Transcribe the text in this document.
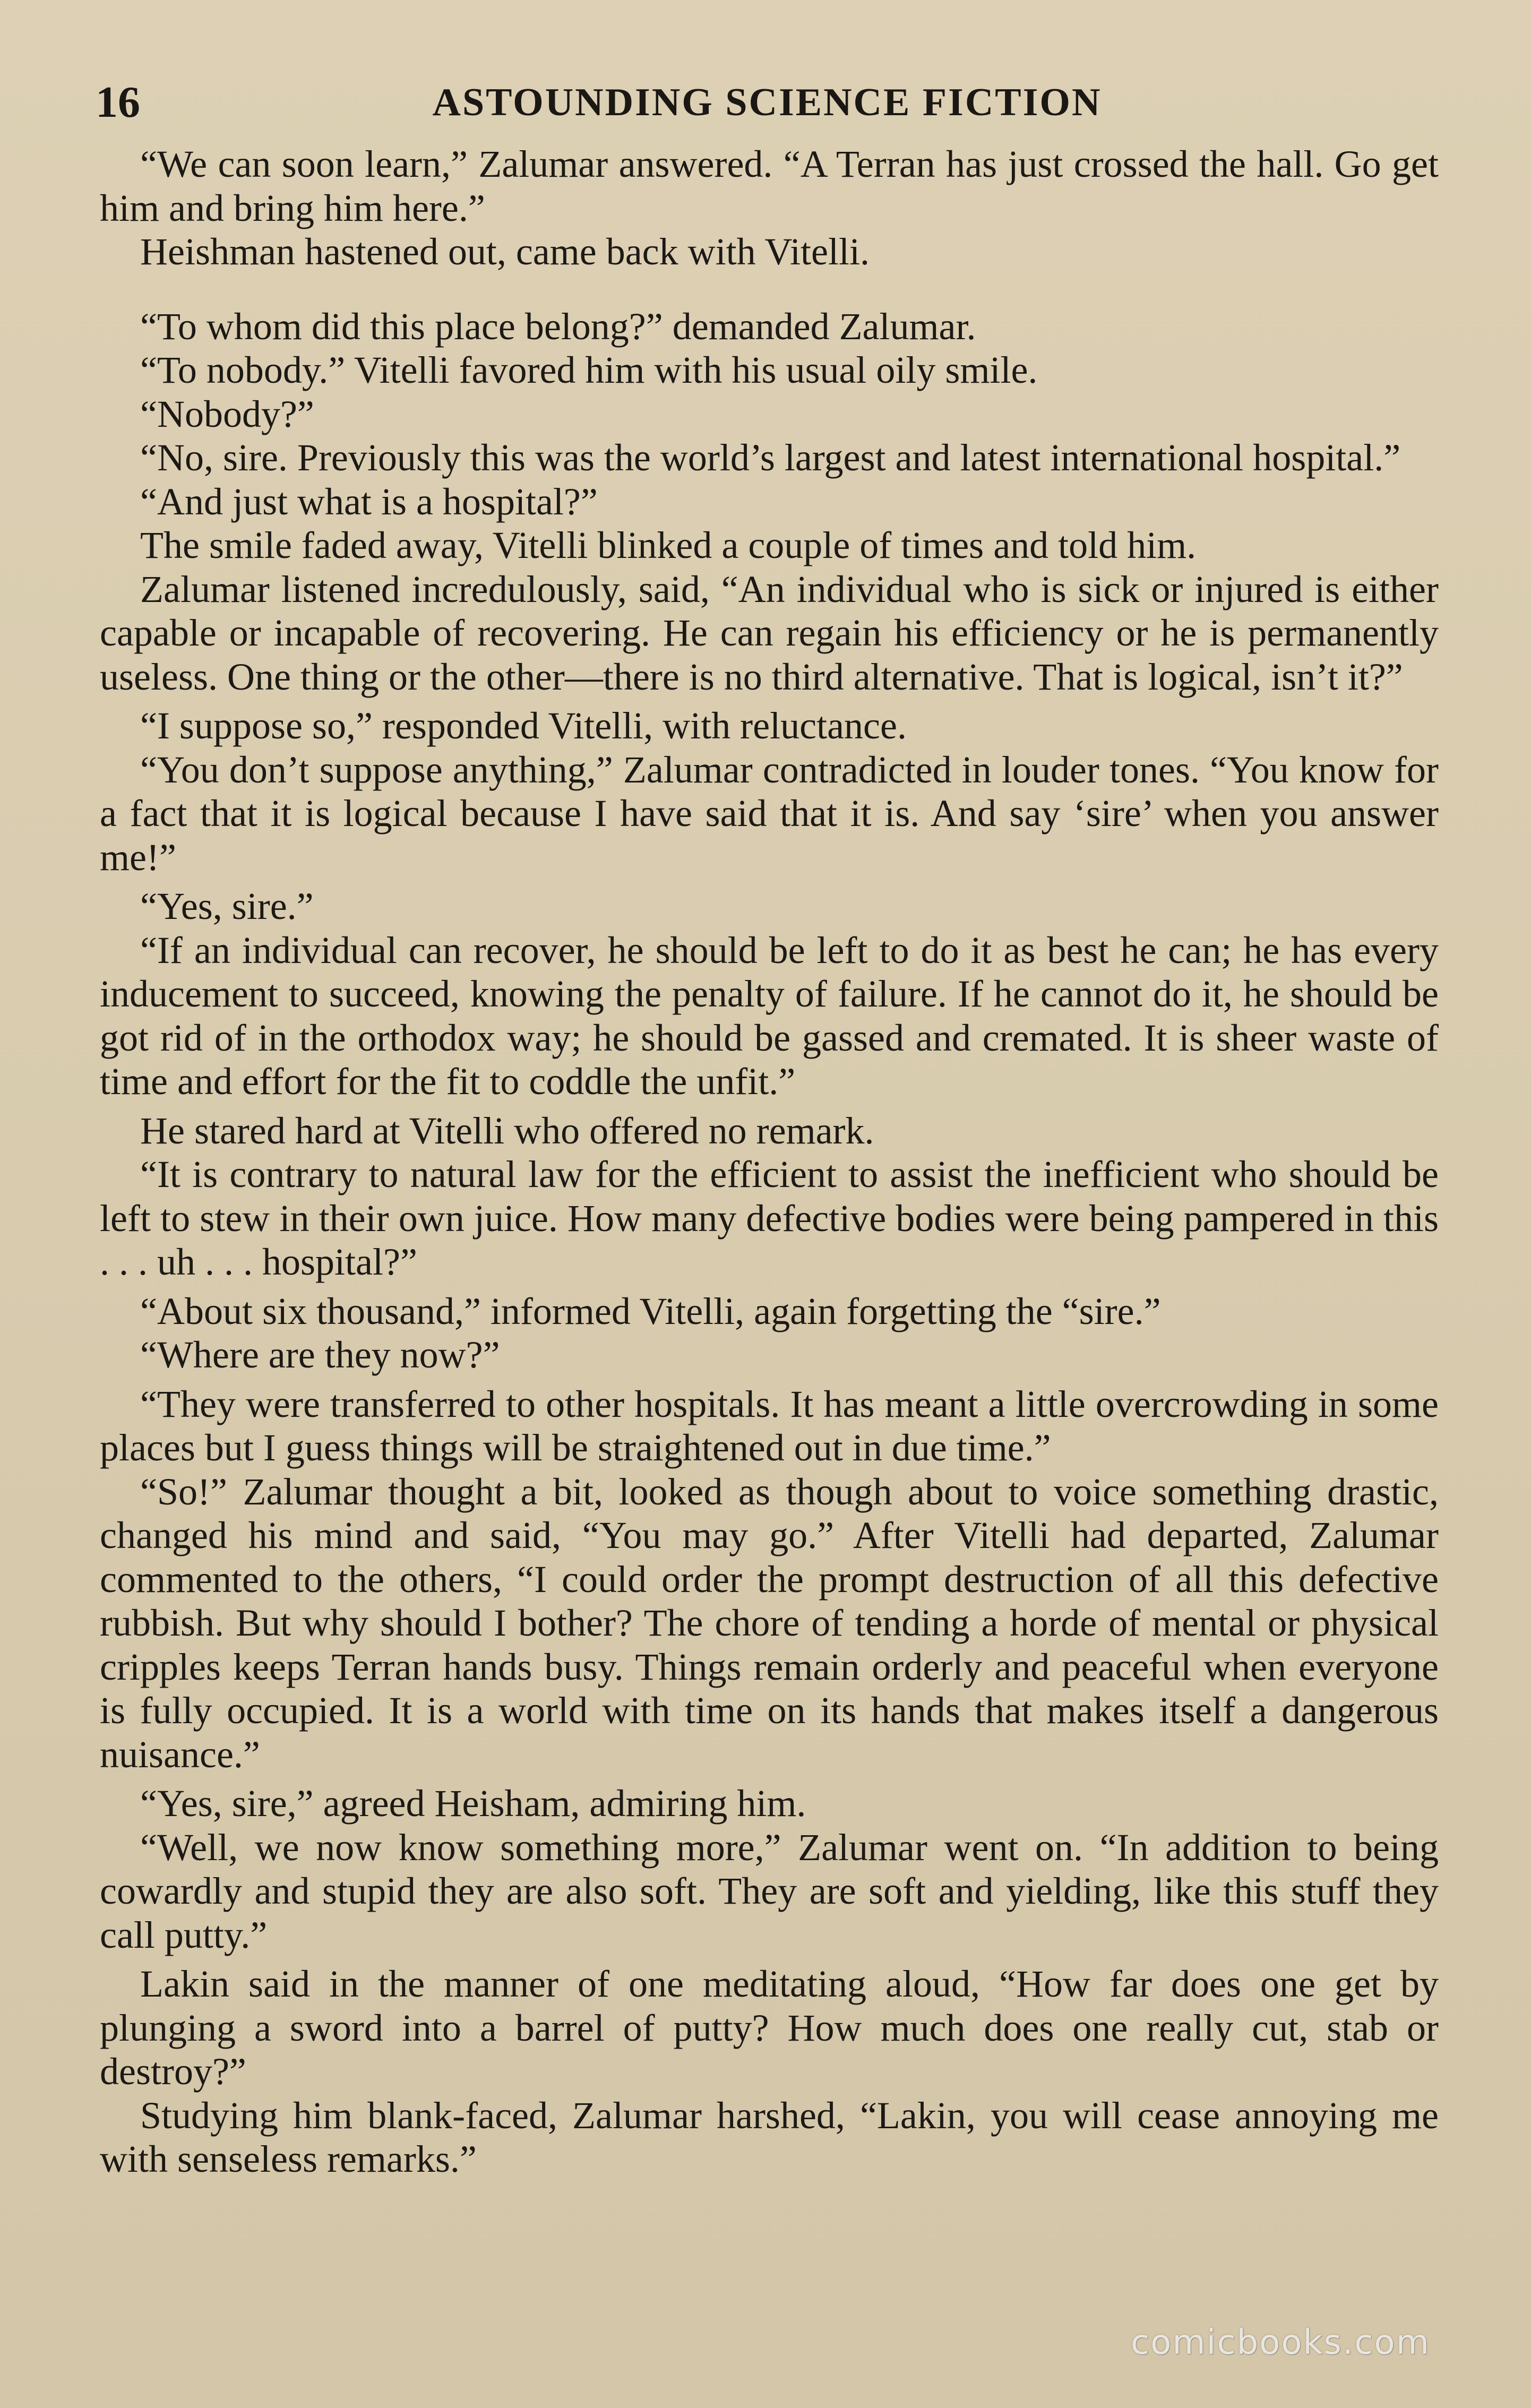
16	ASTOUNDING SCIENCE FICTION

“We can soon learn,” Zalumar answered. “A Terran has just crossed the hall. Go get him and bring him here.”

Heishman hastened out, came back with Vitelli.

“To whom did this place belong?” demanded Zalumar.

“To nobody.” Vitelli favored him with his usual oily smile.

“Nobody?”

“No, sire. Previously this was the world’s largest and latest international hospital.”

“And just what is a hospital?”

The smile faded away, Vitelli blinked a couple of times and told him.

Zalumar listened incredulously, said, “An individual who is sick or injured is either capable or incapable of recovering. He can regain his efficiency or he is permanently useless. One thing or the other—there is no third alternative. That is logical, isn’t it?”

“I suppose so,” responded Vitelli, with reluctance.

“You don’t suppose anything,” Zalumar contradicted in louder tones. “You know for a fact that it is logical because I have said that it is. And say ‘sire’ when you answer me!”

“Yes, sire.”

“If an individual can recover, he should be left to do it as best he can; he has every inducement to succeed, knowing the penalty of failure. If he cannot do it, he should be got rid of in the orthodox way; he should be gassed and cremated. It is sheer waste of time and effort for the fit to coddle the unfit.”

He stared hard at Vitelli who offered no remark.

“It is contrary to natural law for the efficient to assist the inefficient who should be left to stew in their own juice. How many defective bodies were being pampered in this . . . uh . . . hospital?”

“About six thousand,” informed Vitelli, again forgetting the “sire.”

“Where are they now?”

“They were transferred to other hospitals. It has meant a little overcrowding in some places but I guess things will be straightened out in due time.”

“So!” Zalumar thought a bit, looked as though about to voice something drastic, changed his mind and said, “You may go.” After Vitelli had departed, Zalumar commented to the others, “I could order the prompt destruction of all this defective rubbish. But why should I bother? The chore of tending a horde of mental or physical cripples keeps Terran hands busy. Things remain orderly and peaceful when everyone is fully occupied. It is a world with time on its hands that makes itself a dangerous nuisance.”

“Yes, sire,” agreed Heisham, admiring him.

“Well, we now know something more,” Zalumar went on. “In addition to being cowardly and stupid they are also soft. They are soft and yielding, like this stuff they call putty.”

Lakin said in the manner of one meditating aloud, “How far does one get by plunging a sword into a barrel of putty? How much does one really cut, stab or destroy?”

Studying him blank-faced, Zalumar harshed, “Lakin, you will cease annoying me with senseless remarks.”

comicbooks.com
